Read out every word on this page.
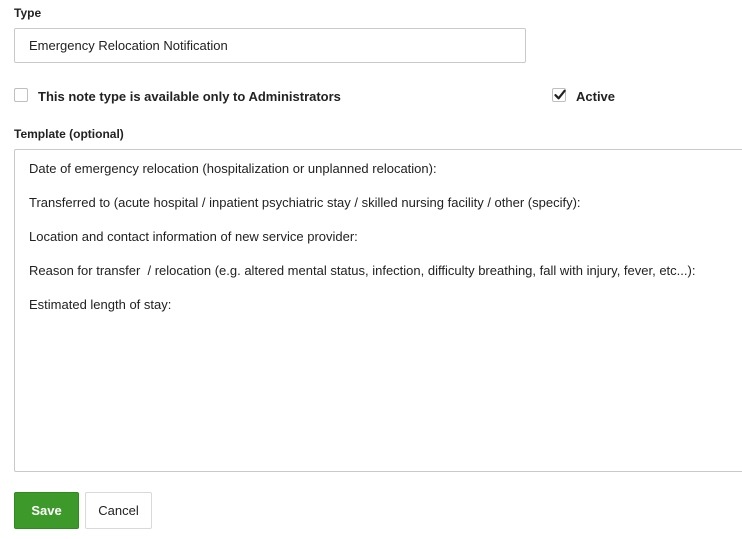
Type
Emergency Relocation Notification
This note type is available only to Administrators	Active
Template (optional)
Date of emergency relocation (hospitalization or unplanned relocation): Transferred to (acute hospital / inpatient psychiatric stay / skilled nursing facility / other (specify): Location and contact information of new service provider: Reason for transfer / relocation (e.g. altered mental status, infection, difficulty breathing, fall with injury, fever, etc...): Estimated length of stay:
Save	Cancel
